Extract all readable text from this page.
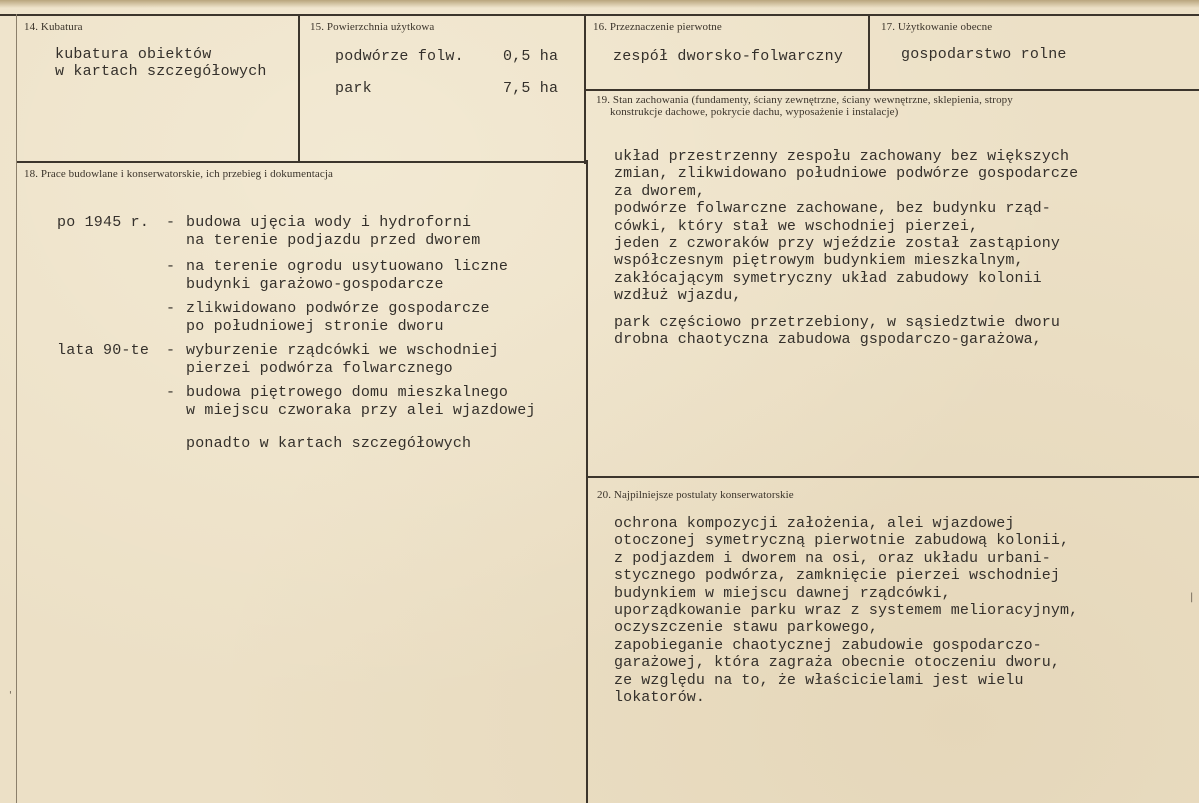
14. Kubatura
kubatura obiektów
w kartach szczegółowych
15. Powierzchnia użytkowa
podwórze folw.	0,5 ha
park	7,5 ha
16. Przeznaczenie pierwotne
zespół dworsko-folwarczny
17. Użytkowanie obecne
gospodarstwo rolne
19. Stan zachowania (fundamenty, ściany zewnętrzne, ściany wewnętrzne, sklepienia, stropy
konstrukcje dachowe, pokrycie dachu, wyposażenie i instalacje)
układ przestrzenny zespołu zachowany bez większych
zmian, zlikwidowano południowe podwórze gospodarcze
za dworem,
podwórze folwarczne zachowane, bez budynku rząd-
cówki, który stał we wschodniej pierzei,
jeden z czworaków przy wjeździe został zastąpiony
współczesnym piętrowym budynkiem mieszkalnym,
zakłócającym symetryczny układ zabudowy kolonii
wzdłuż wjazdu,
park częściowo przetrzebiony, w sąsiedztwie dworu
drobna chaotyczna zabudowa gspodarczo-garażowa,
18. Prace budowlane i konserwatorskie, ich przebieg i dokumentacja
po 1945 r. - budowa ujęcia wody i hydroforni
na terenie podjazdu przed dworem
- na terenie ogrodu usytuowano liczne
budynki garażowo-gospodarcze
- zlikwidowano podwórze gospodarcze
po południowej stronie dworu
lata 90-te - wyburzenie rządcówki we wschodniej
pierzei podwórza folwarcznego
- budowa piętrowego domu mieszkalnego
w miejscu czworaka przy alei wjazdowej
ponadto w kartach szczegółowych
20. Najpilniejsze postulaty konserwatorskie
ochrona kompozycji założenia, alei wjazdowej
otoczonej symetryczną pierwotnie zabudową kolonii,
z podjazdem i dworem na osi, oraz układu urbani-
stycznego podwórza, zamknięcie pierzei wschodniej
budynkiem w miejscu dawnej rządcówki,
uporządkowanie parku wraz z systemem melioracyjnym,
oczyszczenie stawu parkowego,
zapobieganie chaotycznej zabudowie gospodarczo-
garażowej, która zagraża obecnie otoczeniu dworu,
ze względu na to, że właścicielami jest wielu
lokatorów.
'
|
